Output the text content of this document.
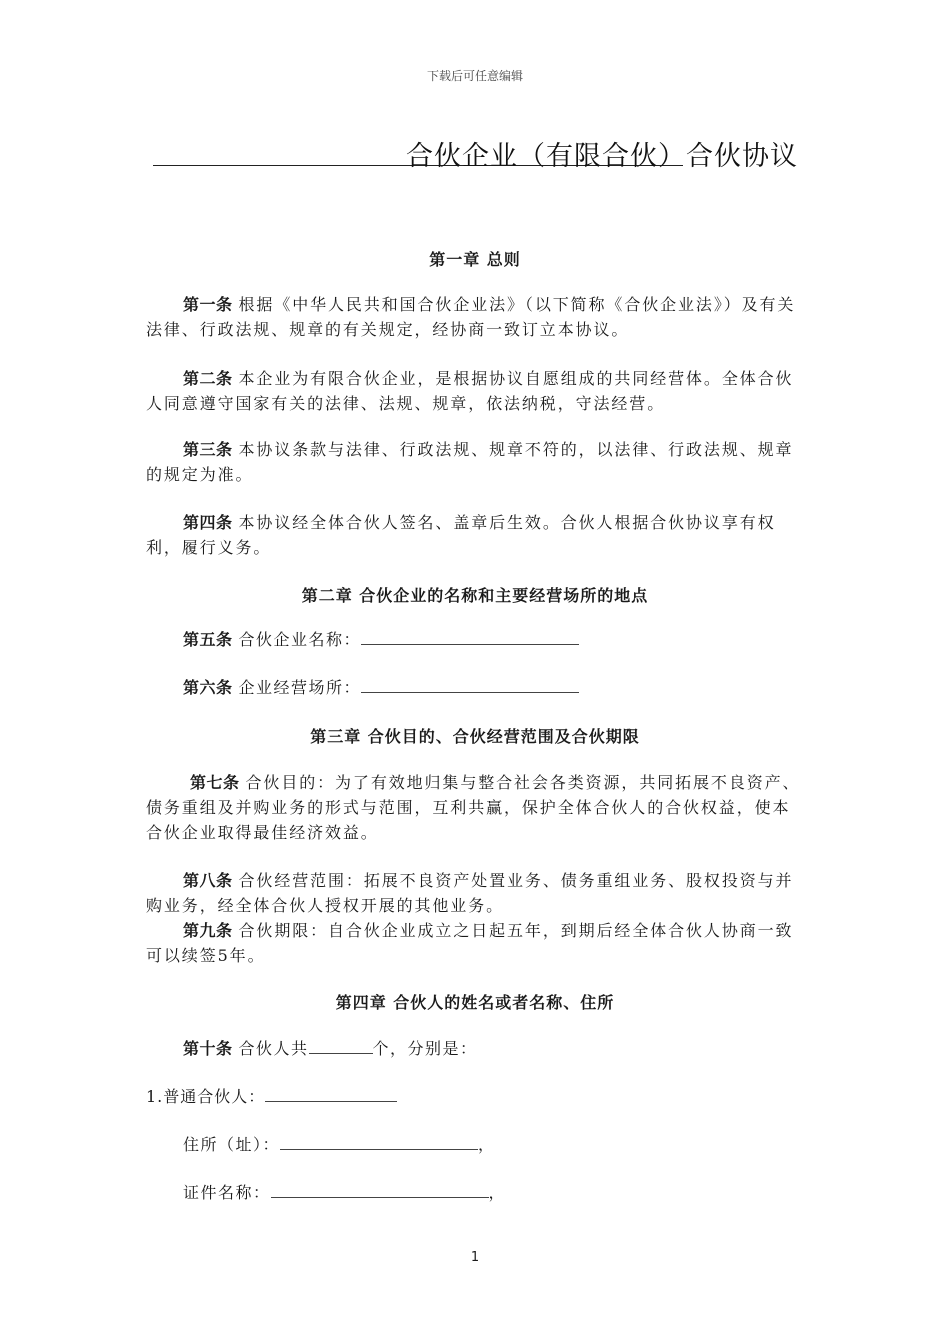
下载后可任意编辑
合伙企业（有限合伙）合伙协议
第一章 总则
第一条 根据《中华人民共和国合伙企业法》（以下简称《合伙企业法》）及有关法律、行政法规、规章的有关规定，经协商一致订立本协议。
第二条 本企业为有限合伙企业，是根据协议自愿组成的共同经营体。全体合伙人同意遵守国家有关的法律、法规、规章，依法纳税，守法经营。
第三条 本协议条款与法律、行政法规、规章不符的，以法律、行政法规、规章的规定为准。
第四条 本协议经全体合伙人签名、盖章后生效。合伙人根据合伙协议享有权利，履行义务。
第二章 合伙企业的名称和主要经营场所的地点
第五条 合伙企业名称：
第六条 企业经营场所：
第三章 合伙目的、合伙经营范围及合伙期限
第七条 合伙目的：为了有效地归集与整合社会各类资源，共同拓展不良资产、债务重组及并购业务的形式与范围，互利共赢，保护全体合伙人的合伙权益，使本合伙企业取得最佳经济效益。
第八条 合伙经营范围：拓展不良资产处置业务、债务重组业务、股权投资与并购业务，经全体合伙人授权开展的其他业务。
第九条 合伙期限：自合伙企业成立之日起五年，到期后经全体合伙人协商一致可以续签5年。
第四章 合伙人的姓名或者名称、住所
第十条 合伙人共	个，分别是：
1.普通合伙人：
住所（址）：	，
证件名称：	，
1
